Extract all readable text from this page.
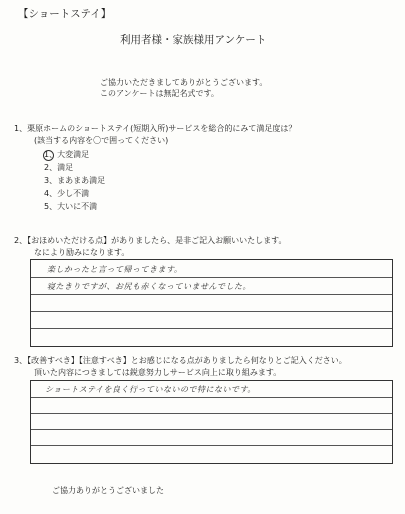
【ショートステイ】
利用者様・家族様用アンケート
ご協力いただきましてありがとうございます。
このアンケートは無記名式です。
1、栗原ホームのショートステイ(短期入所)サービスを総合的にみて満足度は？
(該当する内容を〇で囲ってください)
1、大変満足
2、満足
3、まあまあ満足
4、少し不満
5、大いに不満
2、【おほめいただける点】がありましたら、是非ご記入お願いいたします。
なにより励みになります。
楽しかったと言って帰ってきます。
寝たきりですが、お尻も赤くなっていませんでした。
3、【改善すべき】【注意すべき】とお感じになる点がありましたら何なりとご記入ください。
頂いた内容につきましては鋭意努力しサービス向上に取り組みます。
ショートステイを良く行っていないので特にないです。
ご協力ありがとうございました
